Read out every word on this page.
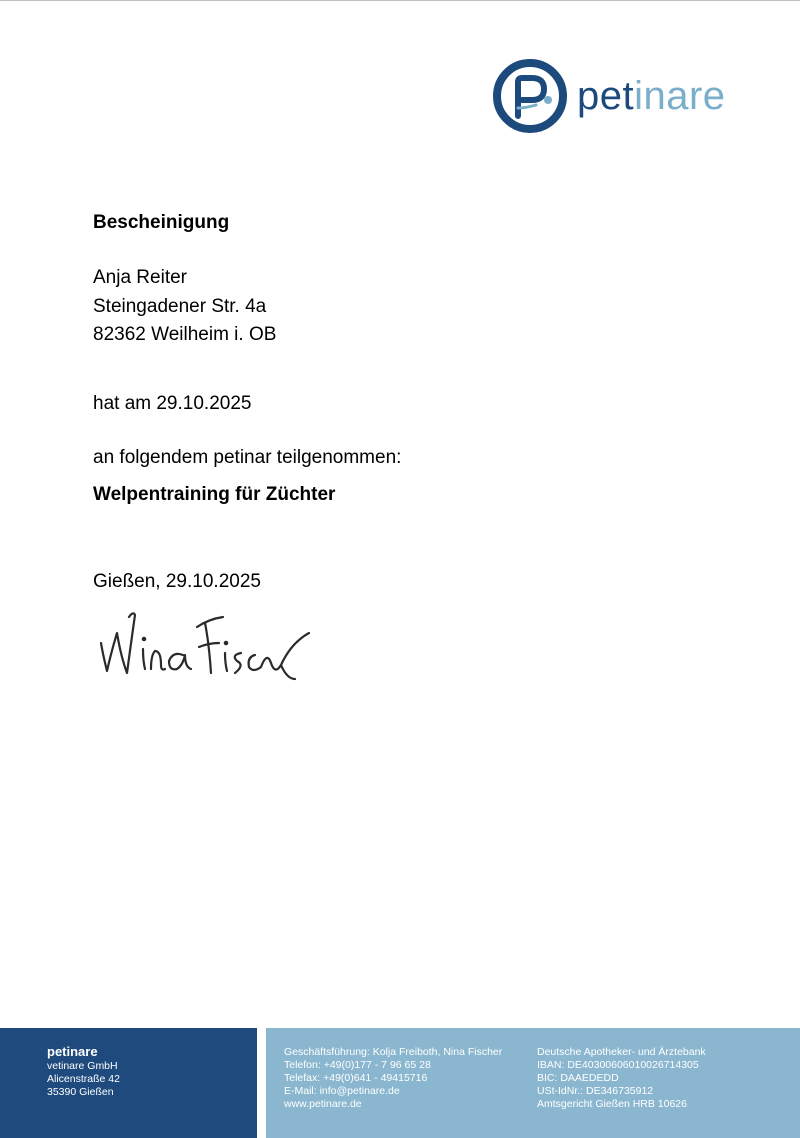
petinare
Bescheinigung
Anja Reiter
Steingadener Str. 4a
82362 Weilheim i. OB
hat am 29.10.2025
an folgendem petinar teilgenommen:
Welpentraining für Züchter
Gießen, 29.10.2025
petinare
vetinare GmbH
Alicenstraße 42
35390 Gießen
Geschäftsführung: Kolja Freiboth, Nina Fischer
Telefon: +49(0)177 - 7 96 65 28
Telefax: +49(0)641 - 49415716
E-Mail: info@petinare.de
www.petinare.de
Deutsche Apotheker- und Ärztebank
IBAN: DE40300606010026714305
BIC: DAAEDEDD
USt-IdNr.: DE346735912
Amtsgericht Gießen HRB 10626
